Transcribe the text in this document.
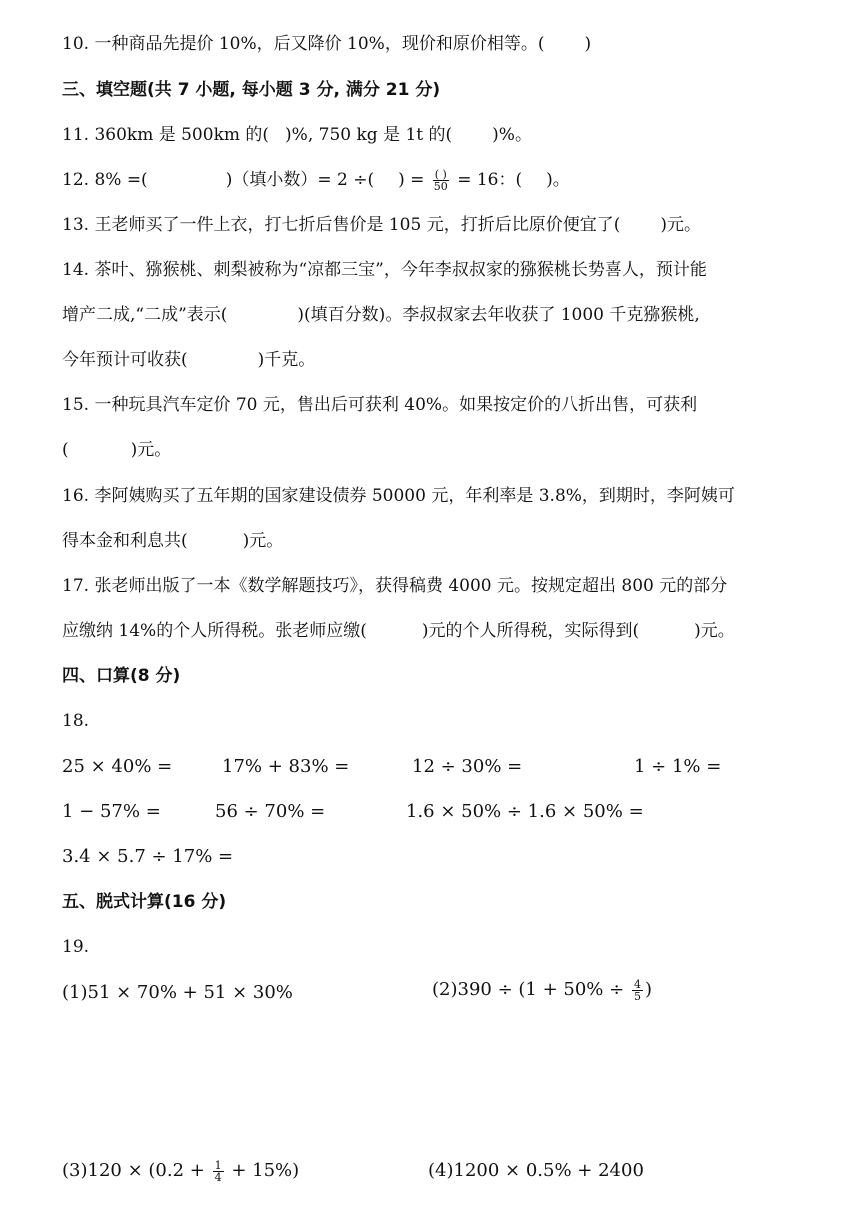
10. 一种商品先提价 10%，后又降价 10%，现价和原价相等。( )
三、填空题(共 7 小题, 每小题 3 分, 满分 21 分)
11. 360km 是 500km 的( )%, 750 kg 是 1t 的( )%。
12. 8% =(	)（填小数）= 2 ÷( ) = $\frac{( )}{50} = 16$：( )。
13. 王老师买了一件上衣，打七折后售价是 105 元，打折后比原价便宜了( )元。
14. 茶叶、猕猴桃、刺梨被称为“凉都三宝”，今年李叔叔家的猕猴桃长势喜人，预计能
增产二成,“二成”表示(	)(填百分数)。李叔叔家去年收获了 1000 千克猕猴桃,
今年预计可收获(	)千克。
15. 一种玩具汽车定价 70 元，售出后可获利 40%。如果按定价的八折出售，可获利
(	)元。
16. 李阿姨购买了五年期的国家建设债券 50000 元，年利率是 3.8%，到期时，李阿姨可
得本金和利息共(	)元。
17. 张老师出版了一本《数学解题技巧》，获得稿费 4000 元。按规定超出 800 元的部分
应缴纳 14%的个人所得税。张老师应缴(	)元的个人所得税，实际得到(	)元。
四、口算(8 分)
18.
25 × 40% =	17% + 83% =	12 ÷ 30% =	1 ÷ 1% =
1 − 57% =	56 ÷ 70% =	1.6 × 50% ÷ 1.6 × 50% =
3.4 × 5.7 ÷ 17% =
五、脱式计算(16 分)
19.
(1)51 × 70% + 51 × 30%	$(2)390 \div (1 + 50\% \div \frac{4}{5}$ )
$(3)120 \times (0.2 + \frac{1}{4} + 15\%)$	(4)1200 × 0.5% + 2400
